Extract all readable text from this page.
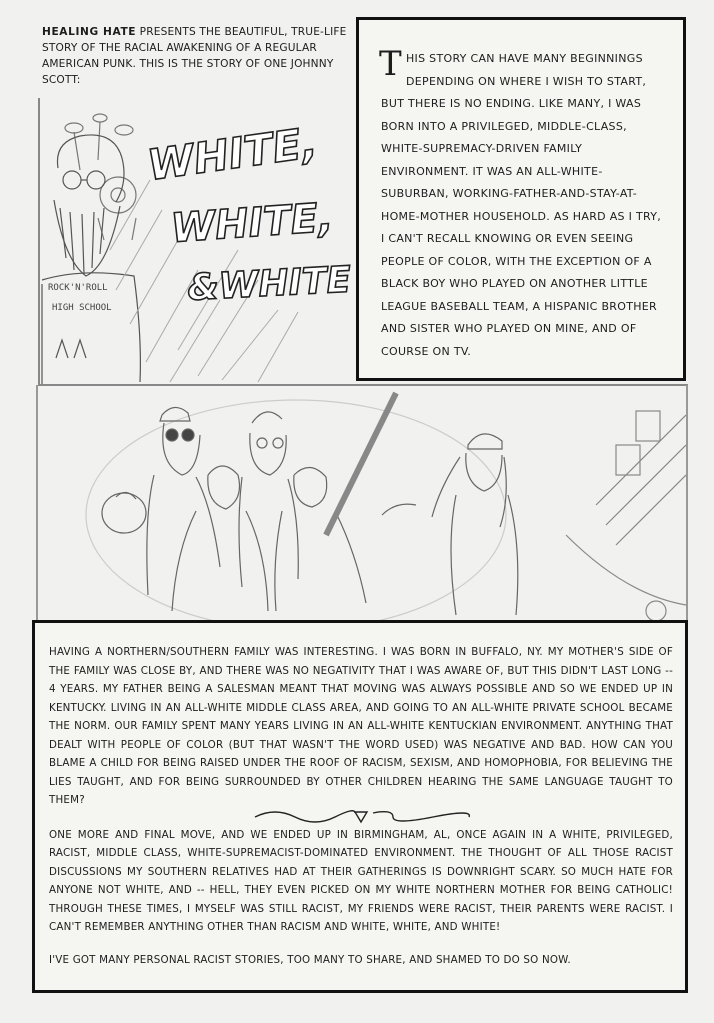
HEALING HATE PRESENTS THE BEAUTIFUL, TRUE-LIFE STORY OF THE RACIAL AWAKENING OF A REGULAR AMERICAN PUNK. THIS IS THE STORY OF ONE JOHNNY SCOTT:
ROCK'N'ROLL
HIGH SCHOOL
WHITE,
WHITE,
&WHITE
THIS STORY CAN HAVE MANY BEGINNINGS DEPENDING ON WHERE I WISH TO START, BUT THERE IS NO ENDING. LIKE MANY, I WAS BORN INTO A PRIVILEGED, MIDDLE-CLASS, WHITE-SUPREMACY-DRIVEN FAMILY ENVIRONMENT. IT WAS AN ALL-WHITE-SUBURBAN, WORKING-FATHER-AND-STAY-AT-HOME-MOTHER HOUSEHOLD. AS HARD AS I TRY, I CAN'T RECALL KNOWING OR EVEN SEEING PEOPLE OF COLOR, WITH THE EXCEPTION OF A BLACK BOY WHO PLAYED ON ANOTHER LITTLE LEAGUE BASEBALL TEAM, A HISPANIC BROTHER AND SISTER WHO PLAYED ON MINE, AND OF COURSE ON TV.

HAVING A NORTHERN/SOUTHERN FAMILY WAS INTERESTING. I WAS BORN IN BUFFALO, NY. MY MOTHER'S SIDE OF THE FAMILY WAS CLOSE BY, AND THERE WAS NO NEGATIVITY THAT I WAS AWARE OF, BUT THIS DIDN'T LAST LONG -- 4 YEARS. MY FATHER BEING A SALESMAN MEANT THAT MOVING WAS ALWAYS POSSIBLE AND SO WE ENDED UP IN KENTUCKY. LIVING IN AN ALL-WHITE MIDDLE CLASS AREA, AND GOING TO AN ALL-WHITE PRIVATE SCHOOL BECAME THE NORM. OUR FAMILY SPENT MANY YEARS LIVING IN AN ALL-WHITE KENTUCKIAN ENVIRONMENT. ANYTHING THAT DEALT WITH PEOPLE OF COLOR (BUT THAT WASN'T THE WORD USED) WAS NEGATIVE AND BAD. HOW CAN YOU BLAME A CHILD FOR BEING RAISED UNDER THE ROOF OF RACISM, SEXISM, AND HOMOPHOBIA, FOR BELIEVING THE LIES TAUGHT, AND FOR BEING SURROUNDED BY OTHER CHILDREN HEARING THE SAME LANGUAGE TAUGHT TO THEM?

ONE MORE AND FINAL MOVE, AND WE ENDED UP IN BIRMINGHAM, AL, ONCE AGAIN IN A WHITE, PRIVILEGED, RACIST, MIDDLE CLASS, WHITE-SUPREMACIST-DOMINATED ENVIRONMENT. THE THOUGHT OF ALL THOSE RACIST DISCUSSIONS MY SOUTHERN RELATIVES HAD AT THEIR GATHERINGS IS DOWNRIGHT SCARY. SO MUCH HATE FOR ANYONE NOT WHITE, AND -- HELL, THEY EVEN PICKED ON MY WHITE NORTHERN MOTHER FOR BEING CATHOLIC! THROUGH THESE TIMES, I MYSELF WAS STILL RACIST, MY FRIENDS WERE RACIST, THEIR PARENTS WERE RACIST. I CAN'T REMEMBER ANYTHING OTHER THAN RACISM AND WHITE, WHITE, AND WHITE!

I'VE GOT MANY PERSONAL RACIST STORIES, TOO MANY TO SHARE, AND SHAMED TO DO SO NOW.
